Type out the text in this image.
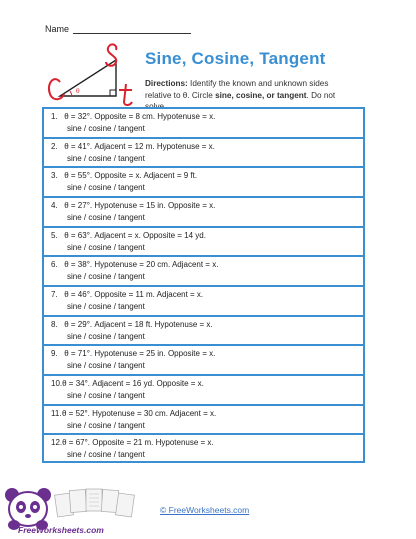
Name
θ
Sine, Cosine, Tangent
Directions: Identify the known and unknown sides relative to θ. Circle sine, cosine, or tangent. Do not solve.
1. θ = 32°. Opposite = 8 cm. Hypotenuse = x.
sine / cosine / tangent
2. θ = 41°. Adjacent = 12 m. Hypotenuse = x.
sine / cosine / tangent
3. θ = 55°. Opposite = x. Adjacent = 9 ft.
sine / cosine / tangent
4. θ = 27°. Hypotenuse = 15 in. Opposite = x.
sine / cosine / tangent
5. θ = 63°. Adjacent = x. Opposite = 14 yd.
sine / cosine / tangent
6. θ = 38°. Hypotenuse = 20 cm. Adjacent = x.
sine / cosine / tangent
7. θ = 46°. Opposite = 11 m. Adjacent = x.
sine / cosine / tangent
8. θ = 29°. Adjacent = 18 ft. Hypotenuse = x.
sine / cosine / tangent
9. θ = 71°. Hypotenuse = 25 in. Opposite = x.
sine / cosine / tangent
10.θ = 34°. Adjacent = 16 yd. Opposite = x.
sine / cosine / tangent
11.θ = 52°. Hypotenuse = 30 cm. Adjacent = x.
sine / cosine / tangent
12.θ = 67°. Opposite = 21 m. Hypotenuse = x.
sine / cosine / tangent
FreeWorksheets.com
© FreeWorksheets.com
